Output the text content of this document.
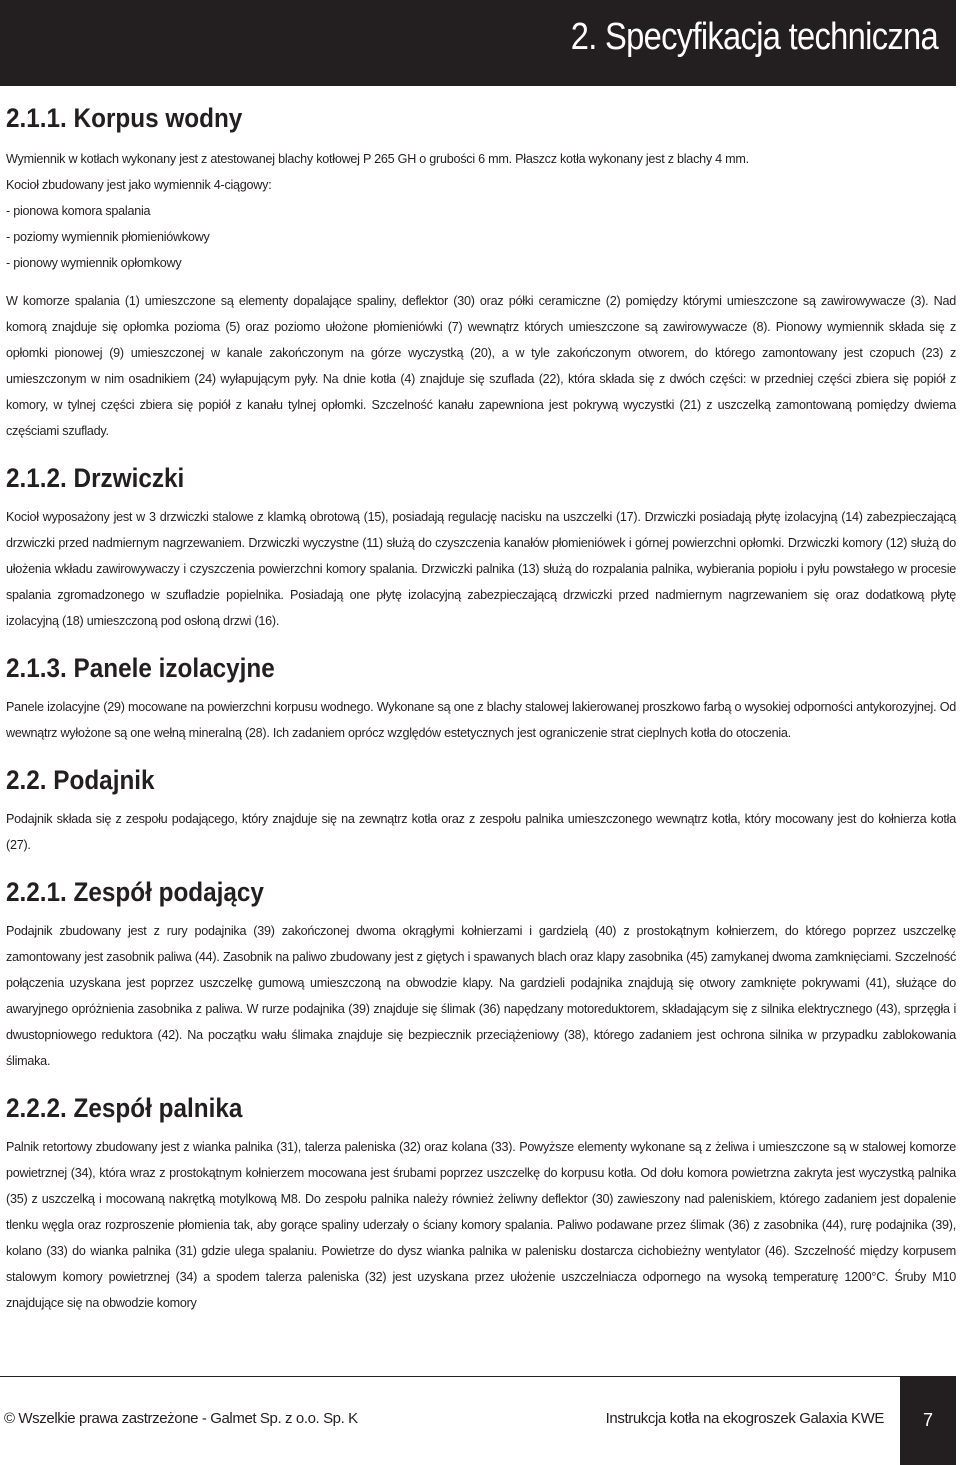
2. Specyfikacja techniczna
2.1.1. Korpus wodny

Wymiennik w kotłach wykonany jest z atestowanej blachy kotłowej P 265 GH o grubości 6 mm. Płaszcz kotła wykonany jest z blachy 4 mm.

Kocioł zbudowany jest jako wymiennik 4-ciągowy:
- pionowa komora spalania
- poziomy wymiennik płomieniówkowy
- pionowy wymiennik opłomkowy

W komorze spalania (1) umieszczone są elementy dopalające spaliny, deflektor (30) oraz półki ceramiczne (2) pomiędzy którymi umieszczone są zawirowywacze (3). Nad komorą znajduje się opłomka pozioma (5) oraz poziomo ułożone płomieniówki (7) wewnątrz których umieszczone są zawirowywacze (8). Pionowy wymiennik składa się z opłomki pionowej (9) umieszczonej w kanale zakończonym na górze wyczystką (20), a w tyle zakończonym otworem, do którego zamontowany jest czopuch (23) z umieszczonym w nim osadnikiem (24) wyłapującym pyły. Na dnie kotła (4) znajduje się szuflada (22), która składa się z dwóch części: w przedniej części zbiera się popiół z komory, w tylnej części zbiera się popiół z kanału tylnej opłomki. Szczelność kanału zapewniona jest pokrywą wyczystki (21) z uszczelką zamontowaną pomiędzy dwiema częściami szuflady.

2.1.2. Drzwiczki

Kocioł wyposażony jest w 3 drzwiczki stalowe z klamką obrotową (15), posiadają regulację nacisku na uszczelki (17). Drzwiczki posiadają płytę izolacyjną (14) zabezpieczającą drzwiczki przed nadmiernym nagrzewaniem. Drzwiczki wyczystne (11) służą do czyszczenia kanałów płomieniówek i górnej powierzchni opłomki. Drzwiczki komory (12) służą do ułożenia wkładu zawirowywaczy i czyszczenia powierzchni komory spalania. Drzwiczki palnika (13) służą do rozpalania palnika, wybierania popiołu i pyłu powstałego w procesie spalania zgromadzonego w szufladzie popielnika. Posiadają one płytę izolacyjną zabezpieczającą drzwiczki przed nadmiernym nagrzewaniem się oraz dodatkową płytę izolacyjną (18) umieszczoną pod osłoną drzwi (16).

2.1.3. Panele izolacyjne

Panele izolacyjne (29) mocowane na powierzchni korpusu wodnego. Wykonane są one z blachy stalowej lakierowanej proszkowo farbą o wysokiej odporności antykorozyjnej. Od wewnątrz wyłożone są one wełną mineralną (28). Ich zadaniem oprócz względów estetycznych jest ograniczenie strat cieplnych kotła do otoczenia.

2.2. Podajnik

Podajnik składa się z zespołu podającego, który znajduje się na zewnątrz kotła oraz z zespołu palnika umieszczonego wewnątrz kotła, który mocowany jest do kołnierza kotła (27).

2.2.1. Zespół podający

Podajnik zbudowany jest z rury podajnika (39) zakończonej dwoma okrągłymi kołnierzami i gardzielą (40) z prostokątnym kołnierzem, do którego poprzez uszczelkę zamontowany jest zasobnik paliwa (44). Zasobnik na paliwo zbudowany jest z giętych i spawanych blach oraz klapy zasobnika (45) zamykanej dwoma zamknięciami. Szczelność połączenia uzyskana jest poprzez uszczelkę gumową umieszczoną na obwodzie klapy. Na gardzieli podajnika znajdują się otwory zamknięte pokrywami (41), służące do awaryjnego opróżnienia zasobnika z paliwa. W rurze podajnika (39) znajduje się ślimak (36) napędzany motoreduktorem, składającym się z silnika elektrycznego (43), sprzęgła i dwustopniowego reduktora (42). Na początku wału ślimaka znajduje się bezpiecznik przeciążeniowy (38), którego zadaniem jest ochrona silnika w przypadku zablokowania ślimaka.

2.2.2. Zespół palnika

Palnik retortowy zbudowany jest z wianka palnika (31), talerza paleniska (32) oraz kolana (33). Powyższe elementy wykonane są z żeliwa i umieszczone są w stalowej komorze powietrznej (34), która wraz z prostokątnym kołnierzem mocowana jest śrubami poprzez uszczelkę do korpusu kotła. Od dołu komora powietrzna zakryta jest wyczystką palnika (35) z uszczelką i mocowaną nakrętką motylkową M8. Do zespołu palnika należy również żeliwny deflektor (30) zawieszony nad paleniskiem, którego zadaniem jest dopalenie tlenku węgla oraz rozproszenie płomienia tak, aby gorące spaliny uderzały o ściany komory spalania. Paliwo podawane przez ślimak (36) z zasobnika (44), rurę podajnika (39), kolano (33) do wianka palnika (31) gdzie ulega spalaniu. Powietrze do dysz wianka palnika w palenisku dostarcza cichobieżny wentylator (46). Szczelność między korpusem stalowym komory powietrznej (34) a spodem talerza paleniska (32) jest uzyskana przez ułożenie uszczelniacza odpornego na wysoką temperaturę 1200°C. Śruby M10 znajdujące się na obwodzie komory

© Wszelkie prawa zastrzeżone - Galmet Sp. z o.o. Sp. K	Instrukcja kotła na ekogroszek Galaxia KWE 7
